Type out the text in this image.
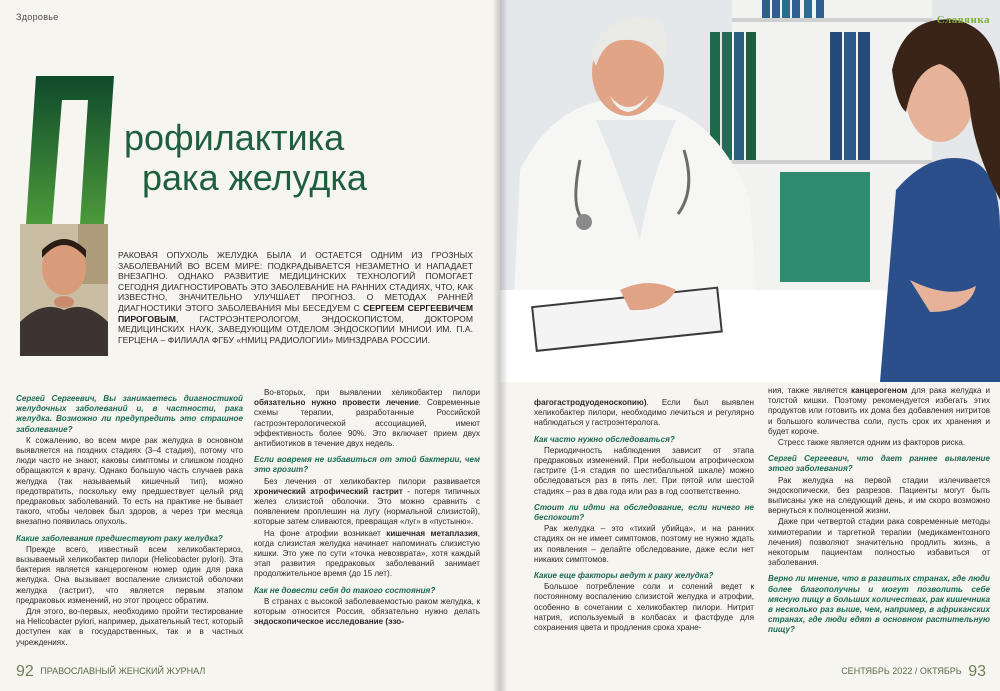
Здоровье
рофилактика
рака желудка
РАКОВАЯ ОПУХОЛЬ ЖЕЛУДКА БЫЛА И ОСТАЕТСЯ ОДНИМ ИЗ ГРОЗНЫХ ЗАБОЛЕВАНИЙ ВО ВСЕМ МИРЕ: ПОДКРАДЫВАЕТСЯ НЕЗАМЕТНО И НАПАДАЕТ ВНЕЗАПНО. ОДНАКО РАЗВИТИЕ МЕДИЦИНСКИХ ТЕХНОЛОГИЙ ПОМОГАЕТ СЕГОДНЯ ДИАГНОСТИРОВАТЬ ЭТО ЗАБОЛЕВАНИЕ НА РАННИХ СТАДИЯХ, ЧТО, КАК ИЗВЕСТНО, ЗНАЧИТЕЛЬНО УЛУЧШАЕТ ПРОГНОЗ. О МЕТОДАХ РАННЕЙ ДИАГНОСТИКИ ЭТОГО ЗАБОЛЕВАНИЯ МЫ БЕСЕДУЕМ С СЕРГЕЕМ СЕРГЕЕВИЧЕМ ПИРОГОВЫМ, ГАСТРОЭНТЕРОЛОГОМ, ЭНДОСКОПИСТОМ, ДОКТОРОМ МЕДИЦИНСКИХ НАУК, ЗАВЕДУЮЩИМ ОТДЕЛОМ ЭНДОСКОПИИ МНИОИ ИМ. П.А. ГЕРЦЕНА – ФИЛИАЛА ФГБУ «НМИЦ РАДИОЛОГИИ» МИНЗДРАВА РОССИИ.

Сергей Сергеевич, Вы занимаетесь диагностикой желудочных заболеваний и, в частности, рака желудка. Возможно ли предупредить это страшное заболевание?

К сожалению, во всем мире рак желудка в основном выявляется на поздних стадиях (3–4 стадия), потому что люди часто не знают, каковы симптомы и слишком поздно обращаются к врачу. Однако большую часть случаев рака желудка (так называемый кишечный тип), можно предотвратить, поскольку ему предшествует целый ряд предраковых заболеваний. То есть на практике не бывает такого, чтобы человек был здоров, а через три месяца внезапно появилась опухоль.

Какие заболевания предшествуют раку желудка?

Прежде всего, известный всем хеликобактериоз, вызываемый хеликобактер пилори (Helicobacter pylori). Эта бактерия является канцерогеном номер один для рака желудка. Она вызывает воспаление слизистой оболочки желудка (гастрит), что является первым этапом предраковых изменений, но этот процесс обратим.

Для этого, во-первых, необходимо пройти тестирование на Helicobacter pylori, например, дыхательный тест, который доступен как в государственных, так и в частных учреждениях.

Во-вторых, при выявлении хеликобактер пилори обязательно нужно провести лечение. Современные схемы терапии, разработанные Российской гастроэнтерологической ассоциацией, имеют эффективность более 90%. Это включает прием двух антибиотиков в течение двух недель.

Если вовремя не избавиться от этой бактерии, чем это грозит?

Без лечения от хеликобактер пилори развивается хронический атрофический гастрит - потеря типичных желез слизистой оболочки. Это можно сравнить с появлением проплешин на лугу (нормальной слизистой), которые затем сливаются, превращая «луг» в «пустыню».

На фоне атрофии возникает кишечная метаплазия, когда слизистая желудка начинает напоминать слизистую кишки. Это уже по сути «точка невозврата», хотя каждый этап развития предраковых заболеваний занимает продолжительное время (до 15 лет).

Как не довести себя до такого состояния?

В странах с высокой заболеваемостью раком желудка, к которым относится Россия, обязательно нужно делать эндоскопическое исследование (эзо-

92 ПРАВОСЛАВНЫЙ ЖЕНСКИЙ ЖУРНАЛ
Славянка

фагогастродуоденоскопию). Если был выявлен хеликобактер пилори, необходимо лечиться и регулярно наблюдаться у гастроэнтеролога.

Как часто нужно обследоваться?

Периодичность наблюдения зависит от этапа предраковых изменений. При небольшом атрофическом гастрите (1-я стадия по шестибалльной шкале) можно обследоваться раз в пять лет. При пятой или шестой стадиях – раз в два года или раз в год соответственно.

Стоит ли идти на обследование, если ничего не беспокоит?

Рак желудка – это «тихий убийца», и на ранних стадиях он не имеет симптомов, поэтому не нужно ждать их появления – делайте обследование, даже если нет никаких симптомов.

Какие еще факторы ведут к раку желудка?

Большое потребление соли и солений ведет к постоянному воспалению слизистой желудка и атрофии, особенно в сочетании с хеликобактер пилори. Нитрит натрия, используемый в колбасах и фастфуде для сохранения цвета и продления срока хране-

ния, также является канцерогеном для рака желудка и толстой кишки. Поэтому рекомендуется избегать этих продуктов или готовить их дома без добавления нитритов и большого количества соли, пусть срок их хранения и будет короче.

Стресс также является одним из факторов риска.

Сергей Сергеевич, что дает раннее выявление этого заболевания?

Рак желудка на первой стадии излечивается эндоскопически, без разрезов. Пациенты могут быть выписаны уже на следующий день, и им скоро возможно вернуться к полноценной жизни.

Даже при четвертой стадии рака современные методы химиотерапии и таргетной терапии (медикаментозного лечения) позволяют значительно продлить жизнь, а некоторым пациентам полностью избавиться от заболевания.

Верно ли мнение, что в развитых странах, где люди более благополучны и могут позволить себе мясную пищу в больших количествах, рак кишечника в несколько раз выше, чем, например, в африканских странах, где люди едят в основном растительную пищу?

СЕНТЯБРЬ 2022 / ОКТЯБРЬ 93
